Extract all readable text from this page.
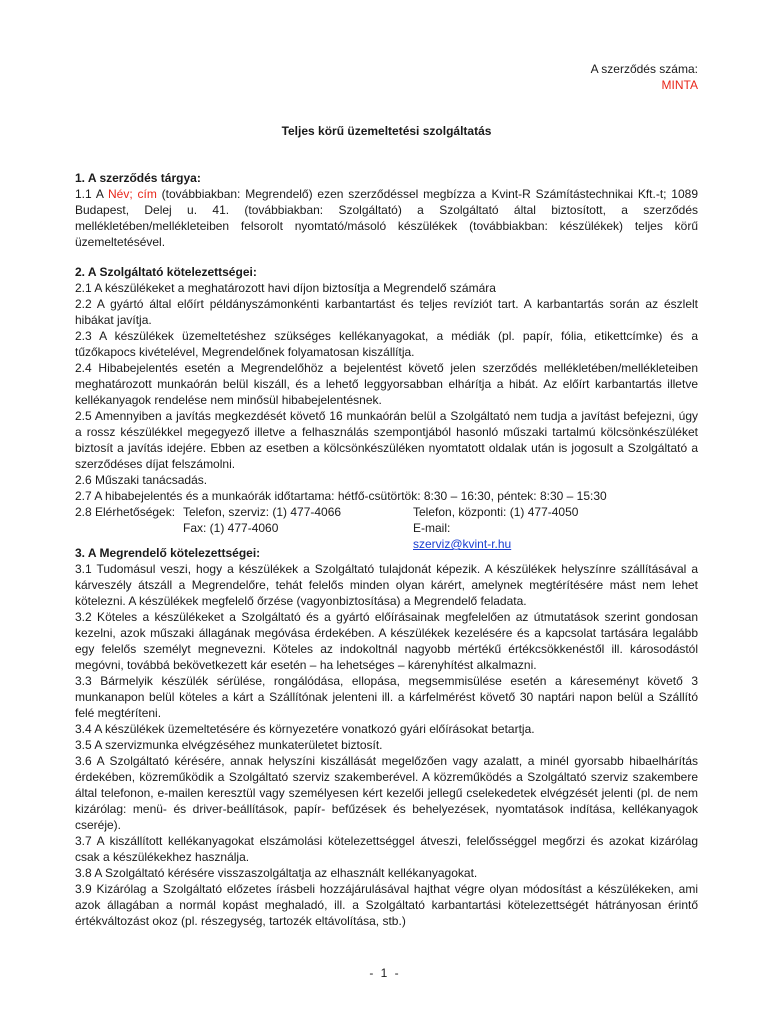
A szerződés száma:
MINTA
Teljes körű üzemeltetési szolgáltatás
1. A szerződés tárgya:

1.1 A Név; cím (továbbiakban: Megrendelő) ezen szerződéssel megbízza a Kvint-R Számítástechnikai Kft.-t; 1089 Budapest, Delej u. 41. (továbbiakban: Szolgáltató) a Szolgáltató által biztosított, a szerződés mellékletében/mellékleteiben felsorolt nyomtató/másoló készülékek (továbbiakban: készülékek) teljes körű üzemeltetésével.

2. A Szolgáltató kötelezettségei:

2.1 A készülékeket a meghatározott havi díjon biztosítja a Megrendelő számára

2.2 A gyártó által előírt példányszámonkénti karbantartást és teljes revíziót tart. A karbantartás során az észlelt hibákat javítja.

2.3 A készülékek üzemeltetéshez szükséges kellékanyagokat, a médiák (pl. papír, fólia, etikettcímke) és a tűzőkapocs kivételével, Megrendelőnek folyamatosan kiszállítja.

2.4 Hibabejelentés esetén a Megrendelőhöz a bejelentést követő jelen szerződés mellékletében/mellékleteiben meghatározott munkaórán belül kiszáll, és a lehető leggyorsabban elhárítja a hibát. Az előírt karbantartás illetve kellékanyagok rendelése nem minősül hibabejelentésnek.

2.5 Amennyiben a javítás megkezdését követő 16 munkaórán belül a Szolgáltató nem tudja a javítást befejezni, úgy a rossz készülékkel megegyező illetve a felhasználás szempontjából hasonló műszaki tartalmú kölcsönkészüléket biztosít a javítás idejére. Ebben az esetben a kölcsönkészüléken nyomtatott oldalak után is jogosult a Szolgáltató a szerződéses díjat felszámolni.

2.6 Műszaki tanácsadás.

2.7 A hibabejelentés és a munkaórák időtartama: hétfő-csütörtök: 8:30 – 16:30, péntek: 8:30 – 15:30

2.8 Elérhetőségek: Telefon, szerviz: (1) 477-4066	Telefon, központi: (1) 477-4050
Fax: (1) 477-4060	E-mail:
szerviz@kvint-r.hu
3. A Megrendelő kötelezettségei:

3.1 Tudomásul veszi, hogy a készülékek a Szolgáltató tulajdonát képezik. A készülékek helyszínre szállításával a kárveszély átszáll a Megrendelőre, tehát felelős minden olyan kárért, amelynek megtérítésére mást nem lehet kötelezni. A készülékek megfelelő őrzése (vagyonbiztosítása) a Megrendelő feladata.

3.2 Köteles a készülékeket a Szolgáltató és a gyártó előírásainak megfelelően az útmutatások szerint gondosan kezelni, azok műszaki állagának megóvása érdekében. A készülékek kezelésére és a kapcsolat tartására legalább egy felelős személyt megnevezni. Köteles az indokoltnál nagyobb mértékű értékcsökkenéstől ill. károsodástól megóvni, továbbá bekövetkezett kár esetén – ha lehetséges – kárenyhítést alkalmazni.

3.3 Bármelyik készülék sérülése, rongálódása, ellopása, megsemmisülése esetén a káreseményt követő 3 munkanapon belül köteles a kárt a Szállítónak jelenteni ill. a kárfelmérést követő 30 naptári napon belül a Szállító felé megtéríteni.

3.4 A készülékek üzemeltetésére és környezetére vonatkozó gyári előírásokat betartja.

3.5 A szervizmunka elvégzéséhez munkaterületet biztosít.

3.6 A Szolgáltató kérésére, annak helyszíni kiszállását megelőzően vagy azalatt, a minél gyorsabb hibaelhárítás érdekében, közreműködik a Szolgáltató szerviz szakemberével. A közreműködés a Szolgáltató szerviz szakembere által telefonon, e-mailen keresztül vagy személyesen kért kezelői jellegű cselekedetek elvégzését jelenti (pl. de nem kizárólag: menü- és driver-beállítások, papír- befűzések és behelyezések, nyomtatások indítása, kellékanyagok cseréje).

3.7 A kiszállított kellékanyagokat elszámolási kötelezettséggel átveszi, felelősséggel megőrzi és azokat kizárólag csak a készülékekhez használja.

3.8 A Szolgáltató kérésére visszaszolgáltatja az elhasznált kellékanyagokat.

3.9 Kizárólag a Szolgáltató előzetes írásbeli hozzájárulásával hajthat végre olyan módosítást a készülékeken, ami azok állagában a normál kopást meghaladó, ill. a Szolgáltató karbantartási kötelezettségét hátrányosan érintő értékváltozást okoz (pl. részegység, tartozék eltávolítása, stb.)

- 1 -
